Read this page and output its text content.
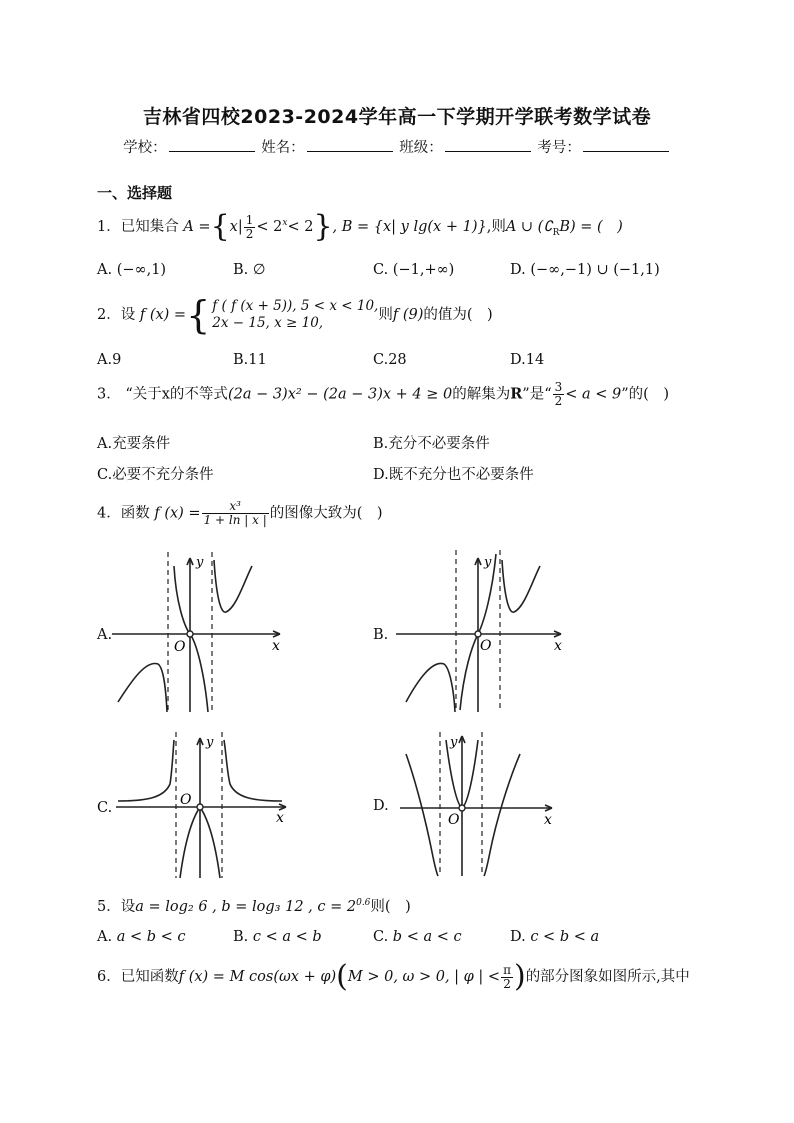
吉林省四校2023-2024学年高一下学期开学联考数学试卷
学校：	姓名：	班级：	考号：
一、选择题
1．已知集合 $A =\{x| \frac{1}{2} < 2^x< 2\}$, B = {x| y lg(x + 1)},则A ∪ $(∁_RB)$ = (　)
A. (−∞,1)	B. ∅	C. (−1,+∞)	D. (−∞,−1) ∪ (−1,1)
2．设 f (x) ={ f ( f (x + 5)), 5 < x < 10,
2x − 15, x ≥ 10,	则f (9)的值为(　)
A.9	B.11	C.28	D.14
3． “关于x的不等式(2a − 3)x² − (2a − 3)x + 4 ≥ 0的解集为R”是“ $\frac{3}{2} < a < 9$”的(　)
A.充要条件	B.充分不必要条件
C.必要不充分条件	D.既不充分也不必要条件
4．函数 f $(x) = \frac{\text{x³}}{1 + \ln | x |}$ 的图像大致为(　)
A.
O	x
y
B.
O	x
y
C.	O
x
y
D.
O	x
y
5．设a = log₂ 6 , b = log₃ 12 , $c = 2^{0.6}$则(　)
A. a < b < c	B. c < a < b	C. b < a < c	D. c < b < a
6．已知函数f (x) = M cos(ωx + φ)(M > 0, ω > 0, | φ | < $\frac{\pi}{2}$ )的部分图象如图所示,其中
